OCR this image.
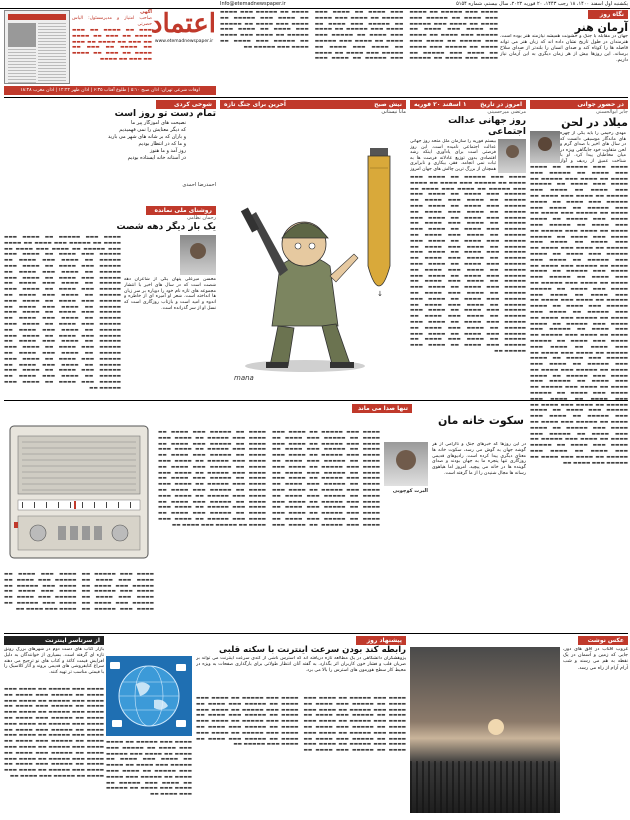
یکشنبه اول اسفند ۱۴۰۰، ۱۸ رجب ۱۴۴۳، ۲۰ فوریه ۲۰۲۲، سال بیستم، شماره ۵۱۵۴
Info@etemadnewspaper.ir
آگهی
صاحب امتیاز و مدیرمسئول: الیاس حضرتی
▬▬▬ ▬▬ ▬▬▬▬ ▬▬ ▬▬▬ ▬▬▬▬ ▬▬ ▬▬▬ ▬▬ ▬▬▬▬ ▬▬ ▬▬▬ ▬▬ ▬▬▬▬ ▬▬ ▬▬▬ ▬▬ ▬▬▬▬ ▬▬ ▬▬▬ ▬▬ ▬▬▬▬ ▬▬ ▬▬▬ ▬▬ ▬▬▬▬ ▬▬ ▬▬▬ ▬▬ ▬▬▬▬
اعتماد
www.etemadnewspaper.ir
اوقات شرعی تهران: اذان صبح ۵:۱۰ | طلوع آفتاب ۶:۳۵ | اذان ظهر ۱۲:۲۲ | اذان مغرب ۱۸:۲۸
نگاه روز
آرمان هنر
جهان در مقابله با جنگ و خشونت همیشه نیازمند هنر بوده است. هنرمندان در طول تاریخ نشان داده اند که زبان هنر می تواند فاصله ها را کوتاه کند و صدای انسان را بلندتر از صدای سلاح برساند. این روزها بیش از هر زمان دیگری به این آرمان نیاز داریم.
▬▬▬▬ ▬▬▬ ▬▬▬▬▬ ▬▬ ▬▬▬▬ ▬▬▬ ▬▬▬▬ ▬▬ ▬▬▬▬▬ ▬▬▬ ▬▬▬▬ ▬▬ ▬▬▬▬ ▬▬▬ ▬▬▬▬▬ ▬▬ ▬▬▬▬ ▬▬▬ ▬▬▬▬ ▬▬ ▬▬▬▬▬ ▬▬▬ ▬▬▬▬ ▬▬ ▬▬▬▬ ▬▬▬ ▬▬▬▬▬ ▬▬ ▬▬▬▬ ▬▬▬ ▬▬▬▬ ▬▬ ▬▬▬▬▬ ▬▬▬ ▬▬▬▬ ▬▬ ▬▬▬▬ ▬▬▬ ▬▬▬▬▬ ▬▬ ▬▬▬▬ ▬▬▬ ▬▬▬▬ ▬▬ ▬▬▬▬▬ ▬▬▬ ▬▬▬▬ ▬▬ ▬▬▬▬ ▬▬▬ ▬▬▬▬▬ ▬▬ ▬▬▬▬ ▬▬▬ ▬▬▬▬ ▬▬ ▬▬▬▬▬ ▬▬▬ ▬▬▬▬ ▬▬ ▬▬▬▬ ▬▬▬ ▬▬▬▬▬ ▬▬ ▬▬▬▬ ▬▬▬ ▬▬▬▬ ▬▬ ▬▬▬▬▬ ▬▬▬ ▬▬▬▬ ▬▬ ▬▬▬▬ ▬▬▬ ▬▬▬▬▬ ▬▬ ▬▬▬▬ ▬▬▬ ▬▬▬▬ ▬▬ ▬▬▬▬▬ ▬▬▬ ▬▬▬▬ ▬▬ ▬▬▬▬ ▬▬▬ ▬▬▬▬▬ ▬▬ ▬▬▬▬ ▬▬▬ ▬▬▬▬ ▬▬ ▬▬▬▬▬ ▬▬▬ ▬▬▬▬ ▬▬ ▬▬▬▬ ▬▬▬ ▬▬▬▬▬ ▬▬ ▬▬▬▬ ▬▬▬ ▬▬▬▬ ▬▬ ▬▬▬▬▬ ▬▬▬ ▬▬▬▬ ▬▬ ▬▬▬▬ ▬▬▬ ▬▬▬▬▬ ▬▬ ▬▬▬▬ ▬▬▬ ▬▬▬▬ ▬▬ ▬▬▬▬▬ ▬▬▬ ▬▬▬▬ ▬▬ ▬▬▬▬ ▬▬▬ ▬▬▬▬▬ ▬▬
در حضور جوانی
جابر ابوالحسنی
میلاد در لحن
مهدی رحیمی را باید یکی از چهره های ماندگار موسیقی دانست که در سال های اخیر با صدای گرم و لحن متفاوت خود جایگاهی ویژه در میان مخاطبان پیدا کرد. او با شناخت عمیق از ردیف و آواز
▬▬▬▬ ▬▬▬ ▬▬▬▬▬ ▬▬ ▬▬▬▬ ▬▬▬ ▬▬▬▬ ▬▬ ▬▬▬▬▬ ▬▬▬ ▬▬▬▬ ▬▬ ▬▬▬▬ ▬▬▬ ▬▬▬▬▬ ▬▬ ▬▬▬▬ ▬▬▬ ▬▬▬▬ ▬▬ ▬▬▬▬▬ ▬▬▬ ▬▬▬▬ ▬▬ ▬▬▬▬ ▬▬▬ ▬▬▬▬▬ ▬▬ ▬▬▬▬ ▬▬▬ ▬▬▬▬ ▬▬ ▬▬▬▬▬ ▬▬▬ ▬▬▬▬ ▬▬ ▬▬▬▬ ▬▬▬ ▬▬▬▬▬ ▬▬ ▬▬▬▬ ▬▬▬ ▬▬▬▬ ▬▬ ▬▬▬▬▬ ▬▬▬ ▬▬▬▬ ▬▬ ▬▬▬▬ ▬▬▬ ▬▬▬▬▬ ▬▬ ▬▬▬▬ ▬▬▬ ▬▬▬▬ ▬▬ ▬▬▬▬▬ ▬▬▬ ▬▬▬▬ ▬▬ ▬▬▬▬ ▬▬▬ ▬▬▬▬▬ ▬▬ ▬▬▬▬ ▬▬▬ ▬▬▬▬ ▬▬ ▬▬▬▬▬ ▬▬▬ ▬▬▬▬ ▬▬ ▬▬▬▬ ▬▬▬ ▬▬▬▬▬ ▬▬ ▬▬▬▬ ▬▬▬ ▬▬▬▬ ▬▬ ▬▬▬▬▬ ▬▬▬ ▬▬▬▬ ▬▬ ▬▬▬▬ ▬▬▬ ▬▬▬▬▬ ▬▬ ▬▬▬▬ ▬▬▬ ▬▬▬▬ ▬▬ ▬▬▬▬▬ ▬▬▬ ▬▬▬▬ ▬▬ ▬▬▬▬ ▬▬▬ ▬▬▬▬▬ ▬▬ ▬▬▬▬ ▬▬▬ ▬▬▬▬ ▬▬ ▬▬▬▬▬ ▬▬▬ ▬▬▬▬ ▬▬ ▬▬▬▬ ▬▬▬ ▬▬▬▬▬ ▬▬ ▬▬▬▬ ▬▬▬ ▬▬▬▬ ▬▬ ▬▬▬▬▬ ▬▬▬ ▬▬▬▬ ▬▬ ▬▬▬▬ ▬▬▬ ▬▬▬▬▬ ▬▬ ▬▬▬▬ ▬▬▬ ▬▬▬▬ ▬▬ ▬▬▬▬▬ ▬▬▬ ▬▬▬▬ ▬▬ ▬▬▬▬ ▬▬▬ ▬▬▬▬▬ ▬▬ ▬▬▬▬ ▬▬▬ ▬▬▬▬ ▬▬ ▬▬▬▬▬ ▬▬▬ ▬▬▬▬ ▬▬ ▬▬▬▬ ▬▬▬ ▬▬▬▬▬ ▬▬ ▬▬▬▬ ▬▬▬ ▬▬▬▬ ▬▬ ▬▬▬▬▬ ▬▬▬ ▬▬▬▬ ▬▬ ▬▬▬▬ ▬▬▬ ▬▬▬▬▬ ▬▬ ▬▬▬▬ ▬▬▬ ▬▬▬▬ ▬▬ ▬▬▬▬▬ ▬▬▬ ▬▬▬▬ ▬▬ ▬▬▬▬ ▬▬▬ ▬▬▬▬▬ ▬▬ ▬▬▬▬ ▬▬▬ ▬▬▬▬ ▬▬ ▬▬▬▬▬ ▬▬▬ ▬▬▬▬ ▬▬ ▬▬▬▬ ▬▬▬ ▬▬▬▬▬ ▬▬ ▬▬▬▬ ▬▬▬ ▬▬▬▬ ▬▬ ▬▬▬▬▬ ▬▬▬ ▬▬▬▬ ▬▬ ▬▬▬▬ ▬▬▬ ▬▬▬▬▬ ▬▬ ▬▬▬▬ ▬▬▬ ▬▬▬▬ ▬▬ ▬▬▬▬▬ ▬▬▬ ▬▬▬▬ ▬▬ ▬▬▬▬ ▬▬▬ ▬▬▬▬▬ ▬▬ ▬▬▬▬ ▬▬▬ ▬▬▬▬ ▬▬ ▬▬▬▬▬ ▬▬▬▬▬ ▬▬ ▬▬▬▬ ▬▬▬ ▬▬▬▬ ▬▬ ▬▬▬▬▬ ▬▬▬ ▬▬▬▬ ▬▬ ▬▬▬▬ ▬▬▬ ▬▬▬▬▬ ▬▬ ▬▬▬▬ ▬▬▬ ▬▬▬▬ ▬▬ ▬▬▬▬▬ ▬▬▬ ▬▬▬▬ ▬▬ ▬▬▬▬ ▬▬▬ ▬▬▬▬▬ ▬▬ ▬▬▬▬ ▬▬▬ ▬▬▬▬ ▬▬ ▬▬▬▬▬ ▬▬▬ ▬▬▬▬ ▬▬ ▬▬▬▬ ▬▬▬ ▬▬▬▬▬ ▬▬ ▬▬▬▬ ▬▬▬ ▬▬▬▬ ▬▬ ▬▬▬▬▬ ▬▬▬ ▬▬▬▬ ▬▬ ▬▬▬▬ ▬▬▬ ▬▬▬▬▬ ▬▬ ▬▬▬▬ ▬▬▬ ▬▬▬▬ ▬▬ ▬▬▬▬▬ ▬▬▬ ▬▬▬▬ ▬▬
امروز در تاریخ
۱ اسفند ۲۰ فوریه
مرتضی میرحسینی
روز جهانی عدالت اجتماعی
بیستم فوریه را سازمان ملل متحد روز جهانی عدالت اجتماعی نامیده است. این روز فرصتی است برای یادآوری اینکه رشد اقتصادی بدون توزیع عادلانه فرصت ها به ثبات نمی انجامد. فقر، بیکاری و نابرابری همچنان از بزرگ ترین چالش های جهان امروز
▬▬▬▬ ▬▬▬ ▬▬▬▬▬ ▬▬ ▬▬▬▬ ▬▬▬ ▬▬▬▬ ▬▬ ▬▬▬▬▬ ▬▬▬ ▬▬▬▬ ▬▬ ▬▬▬▬ ▬▬▬ ▬▬▬▬▬ ▬▬ ▬▬▬▬ ▬▬▬ ▬▬▬▬ ▬▬ ▬▬▬▬▬ ▬▬▬ ▬▬▬▬ ▬▬ ▬▬▬▬ ▬▬▬ ▬▬▬▬▬ ▬▬ ▬▬▬▬ ▬▬▬ ▬▬▬▬ ▬▬ ▬▬▬▬▬ ▬▬▬ ▬▬▬▬ ▬▬ ▬▬▬▬ ▬▬▬ ▬▬▬▬▬ ▬▬ ▬▬▬▬ ▬▬▬ ▬▬▬▬ ▬▬ ▬▬▬▬▬ ▬▬▬ ▬▬▬▬ ▬▬ ▬▬▬▬ ▬▬▬ ▬▬▬▬▬ ▬▬ ▬▬▬▬ ▬▬▬ ▬▬▬▬ ▬▬ ▬▬▬▬▬ ▬▬▬ ▬▬▬▬ ▬▬ ▬▬▬▬ ▬▬▬ ▬▬▬▬▬ ▬▬ ▬▬▬▬ ▬▬▬ ▬▬▬▬ ▬▬ ▬▬▬▬▬ ▬▬▬ ▬▬▬▬ ▬▬ ▬▬▬▬ ▬▬▬ ▬▬▬▬▬ ▬▬ ▬▬▬▬ ▬▬▬ ▬▬▬▬ ▬▬ ▬▬▬▬▬ ▬▬▬ ▬▬▬▬ ▬▬ ▬▬▬▬ ▬▬▬ ▬▬▬▬▬ ▬▬ ▬▬▬▬ ▬▬▬ ▬▬▬▬ ▬▬ ▬▬▬▬▬ ▬▬▬ ▬▬▬▬ ▬▬ ▬▬▬▬ ▬▬▬ ▬▬▬▬▬ ▬▬ ▬▬▬▬ ▬▬▬ ▬▬▬▬ ▬▬ ▬▬▬▬▬ ▬▬▬ ▬▬▬▬ ▬▬ ▬▬▬▬ ▬▬▬ ▬▬▬▬▬ ▬▬ ▬▬▬▬ ▬▬▬ ▬▬▬▬ ▬▬ ▬▬▬▬▬ ▬▬▬ ▬▬▬▬ ▬▬ ▬▬▬▬ ▬▬▬ ▬▬▬▬▬ ▬▬ ▬▬▬▬ ▬▬▬ ▬▬▬▬ ▬▬ ▬▬▬▬▬ ▬▬▬ ▬▬▬▬ ▬▬ ▬▬▬▬ ▬▬▬ ▬▬▬▬▬ ▬▬ ▬▬▬▬ ▬▬▬ ▬▬▬▬ ▬▬ ▬▬▬▬▬ ▬▬▬ ▬▬▬▬ ▬▬ ▬▬▬▬ ▬▬▬ ▬▬▬▬▬ ▬▬ ▬▬▬▬ ▬▬▬ ▬▬▬▬ ▬▬ ▬▬▬▬▬ ▬▬▬ ▬▬▬▬ ▬▬ ▬▬▬▬ ▬▬▬ ▬▬▬▬▬ ▬▬ ▬▬▬▬ ▬▬▬ ▬▬▬▬ ▬▬ ▬▬▬▬▬ ▬▬▬ ▬▬▬▬ ▬▬ ▬▬▬▬ ▬▬▬ ▬▬▬▬▬ ▬▬ ▬▬▬▬ ▬▬▬ ▬▬▬▬ ▬▬ ▬▬▬▬▬ ▬▬▬ ▬▬▬▬ ▬▬ ▬▬▬▬ ▬▬▬ ▬▬▬▬▬ ▬▬
نیش صبح
آخرین برای جنگ تازه
مانا نیستانی
↓
mana
شوخی کردی
تمام دست تو روز است
نصیحت های آموزگار پیر ما
که دیگر معنایش را نمی فهمیدیم
و باران که بر شانه های شهر می بارید
و ما که در انتظار بودیم
روز آمد و ما هنوز
در آستانه خانه ایستاده بودیم
احمدرضا احمدی
روشنای ملی نمانده
رحمان نظامی
یک بار دیگر دهه شصت
▬▬▬▬ ▬▬▬ ▬▬▬▬▬ ▬▬ ▬▬▬▬ ▬▬▬ ▬▬▬▬ ▬▬ ▬▬▬▬▬ ▬▬▬ ▬▬▬▬ ▬▬ ▬▬▬▬ ▬▬▬ ▬▬▬▬▬ ▬▬ ▬▬▬▬ ▬▬▬ ▬▬▬▬ ▬▬ ▬▬▬▬▬ ▬▬▬ ▬▬▬▬ ▬▬ ▬▬▬▬ ▬▬▬ ▬▬▬▬▬ ▬▬ ▬▬▬▬ ▬▬▬ ▬▬▬▬ ▬▬ ▬▬▬▬▬ ▬▬▬ ▬▬▬▬ ▬▬ ▬▬▬▬ ▬▬▬ ▬▬▬▬▬ ▬▬ ▬▬▬▬ ▬▬▬ ▬▬▬▬ ▬▬ ▬▬▬▬▬ ▬▬▬ ▬▬▬▬ ▬▬ ▬▬▬▬ ▬▬▬ ▬▬▬▬▬ ▬▬ ▬▬▬▬ ▬▬▬ ▬▬▬▬ ▬▬ ▬▬▬▬▬ ▬▬▬ ▬▬▬▬ ▬▬ ▬▬▬▬ ▬▬▬ ▬▬▬▬▬ ▬▬ ▬▬▬▬ ▬▬▬ ▬▬▬▬ ▬▬ ▬▬▬▬▬ ▬▬▬ ▬▬▬▬ ▬▬ ▬▬▬▬ ▬▬▬ ▬▬▬▬▬ ▬▬ ▬▬▬▬ ▬▬▬ ▬▬▬▬ ▬▬ ▬▬▬▬▬ ▬▬▬ ▬▬▬▬ ▬▬ ▬▬▬▬ ▬▬▬ ▬▬▬▬▬ ▬▬ ▬▬▬▬ ▬▬▬ ▬▬▬▬ ▬▬ ▬▬▬▬▬ ▬▬▬ ▬▬▬▬ ▬▬ ▬▬▬▬ ▬▬▬ ▬▬▬▬▬ ▬▬ ▬▬▬▬ ▬▬▬ ▬▬▬▬ ▬▬ ▬▬▬▬▬ ▬▬▬ ▬▬▬▬ ▬▬ ▬▬▬▬ ▬▬▬ ▬▬▬▬▬ ▬▬ ▬▬▬▬ ▬▬▬ ▬▬▬▬ ▬▬ ▬▬▬▬▬ ▬▬▬ ▬▬▬▬ ▬▬ ▬▬▬▬ ▬▬▬ ▬▬▬▬▬ ▬▬ ▬▬▬▬ ▬▬▬ ▬▬▬▬ ▬▬ ▬▬▬▬▬ ▬▬▬ ▬▬▬▬ ▬▬ ▬▬▬▬ ▬▬▬ ▬▬▬▬▬ ▬▬ ▬▬▬▬ ▬▬▬ ▬▬▬▬ ▬▬ ▬▬▬▬▬ ▬▬▬ ▬▬▬▬ ▬▬ ▬▬▬▬ ▬▬▬ ▬▬▬▬▬ ▬▬ ▬▬▬▬ ▬▬▬ ▬▬▬▬ ▬▬ ▬▬▬▬▬ ▬▬▬ ▬▬▬▬ ▬▬ ▬▬▬▬ ▬▬▬ ▬▬▬▬▬ ▬▬
محسن میرعلی پنهان یکی از شاعران دهه شصت است که در سال های اخیر با انتشار مجموعه های تازه نام خود را دوباره بر سر زبان ها انداخته است. شعر او آمیزه ای از خاطره و اندوه و امید است و بازتاب روزگاری است که نسل او از سر گذرانده است.
تنها صدا می ماند
سکوت خانه مان
البرت کوچویی
در این روزها که خبرهای جنگ و ناآرامی از هر گوشه جهان به گوش می رسد، سکوت خانه ها معنای دیگری پیدا کرده است. رادیوهای قدیمی روزگاری تنها پنجره ما به جهان بودند و صدای گوینده ها در خانه می پیچید. امروز اما هیاهوی رسانه ها مجال شنیدن را از ما گرفته است.
▬▬▬▬ ▬▬▬ ▬▬▬▬▬ ▬▬ ▬▬▬▬ ▬▬▬ ▬▬▬▬ ▬▬ ▬▬▬▬▬ ▬▬▬ ▬▬▬▬ ▬▬ ▬▬▬▬ ▬▬▬ ▬▬▬▬▬ ▬▬ ▬▬▬▬ ▬▬▬ ▬▬▬▬ ▬▬ ▬▬▬▬▬ ▬▬▬ ▬▬▬▬ ▬▬ ▬▬▬▬ ▬▬▬ ▬▬▬▬▬ ▬▬ ▬▬▬▬ ▬▬▬ ▬▬▬▬ ▬▬ ▬▬▬▬▬ ▬▬▬ ▬▬▬▬ ▬▬ ▬▬▬▬ ▬▬▬ ▬▬▬▬▬ ▬▬ ▬▬▬▬ ▬▬▬ ▬▬▬▬ ▬▬ ▬▬▬▬▬ ▬▬▬ ▬▬▬▬ ▬▬ ▬▬▬▬ ▬▬▬ ▬▬▬▬▬ ▬▬ ▬▬▬▬ ▬▬▬ ▬▬▬▬ ▬▬ ▬▬▬▬▬ ▬▬▬ ▬▬▬▬ ▬▬ ▬▬▬▬ ▬▬▬ ▬▬▬▬▬ ▬▬ ▬▬▬▬ ▬▬▬ ▬▬▬▬ ▬▬ ▬▬▬▬▬ ▬▬▬ ▬▬▬▬ ▬▬ ▬▬▬▬ ▬▬▬ ▬▬▬▬▬ ▬▬ ▬▬▬▬ ▬▬▬ ▬▬▬▬ ▬▬ ▬▬▬▬▬ ▬▬▬ ▬▬▬▬ ▬▬ ▬▬▬▬ ▬▬▬ ▬▬▬▬▬ ▬▬ ▬▬▬▬ ▬▬▬ ▬▬▬▬ ▬▬ ▬▬▬▬▬ ▬▬▬ ▬▬▬▬ ▬▬ ▬▬▬▬ ▬▬▬ ▬▬▬▬▬ ▬▬ ▬▬▬▬ ▬▬▬ ▬▬▬▬ ▬▬ ▬▬▬▬▬ ▬▬▬ ▬▬▬▬ ▬▬ ▬▬▬▬ ▬▬▬ ▬▬▬▬▬ ▬▬ ▬▬▬▬ ▬▬▬ ▬▬▬▬ ▬▬ ▬▬▬▬▬ ▬▬▬ ▬▬▬▬ ▬▬ ▬▬▬▬ ▬▬▬ ▬▬▬▬▬ ▬▬ ▬▬▬▬ ▬▬▬ ▬▬▬▬ ▬▬ ▬▬▬▬▬ ▬▬▬ ▬▬▬▬ ▬▬ ▬▬▬▬ ▬▬▬ ▬▬▬▬▬ ▬▬ ▬▬▬▬ ▬▬▬ ▬▬▬▬ ▬▬ ▬▬▬▬▬ ▬▬▬ ▬▬▬▬ ▬▬ ▬▬▬▬ ▬▬▬ ▬▬▬▬▬ ▬▬ ▬▬▬▬ ▬▬▬ ▬▬▬▬ ▬▬ ▬▬▬▬▬ ▬▬▬ ▬▬▬▬ ▬▬ ▬▬▬▬ ▬▬▬ ▬▬▬▬▬ ▬▬ ▬▬▬▬ ▬▬▬ ▬▬▬▬ ▬▬ ▬▬▬▬▬ ▬▬▬ ▬▬▬▬ ▬▬ ▬▬▬▬ ▬▬▬ ▬▬▬▬▬ ▬▬ ▬▬▬▬ ▬▬▬ ▬▬▬▬ ▬▬ ▬▬▬▬▬ ▬▬▬ ▬▬▬▬ ▬▬ ▬▬▬▬ ▬▬▬ ▬▬▬▬▬ ▬▬ ▬▬▬▬ ▬▬▬ ▬▬▬▬ ▬▬ ▬▬▬▬▬ ▬▬▬ ▬▬▬▬ ▬▬ ▬▬▬▬ ▬▬▬ ▬▬▬▬▬ ▬▬ ▬▬▬▬ ▬▬▬ ▬▬▬▬ ▬▬ ▬▬▬▬▬ ▬▬▬ ▬▬▬▬ ▬▬
▬▬▬▬ ▬▬▬ ▬▬▬▬▬ ▬▬ ▬▬▬▬ ▬▬▬ ▬▬▬▬ ▬▬ ▬▬▬▬▬ ▬▬▬ ▬▬▬▬ ▬▬ ▬▬▬▬ ▬▬▬ ▬▬▬▬▬ ▬▬ ▬▬▬▬ ▬▬▬ ▬▬▬▬ ▬▬ ▬▬▬▬▬ ▬▬▬ ▬▬▬▬ ▬▬ ▬▬▬▬ ▬▬▬ ▬▬▬▬▬ ▬▬ ▬▬▬▬ ▬▬▬ ▬▬▬▬ ▬▬ ▬▬▬▬▬ ▬▬▬ ▬▬▬▬ ▬▬ ▬▬▬▬ ▬▬▬ ▬▬▬▬▬ ▬▬ ▬▬▬▬ ▬▬▬ ▬▬▬▬ ▬▬ ▬▬▬▬▬ ▬▬▬ ▬▬▬▬ ▬▬ ▬▬▬▬ ▬▬▬ ▬▬▬▬▬ ▬▬ ▬▬▬▬ ▬▬▬ ▬▬▬▬ ▬▬
عکس نوشت
غروب آفتاب در افق های دور، جایی که زمین و آسمان در یک نقطه به هم می رسند و شب آرام آرام از راه می رسد.
پیشنهاد روز
رابطه کند بودن سرعت اینترنت با سکته قلبی
پژوهشگران دانشگاهی در یک مطالعه تازه دریافته اند که استرس ناشی از کندی سرعت اینترنت می تواند بر ضربان قلب و فشار خون کاربران اثر بگذارد. به گفته آنان انتظار طولانی برای بارگذاری صفحات به ویژه در محیط کار سطح هورمون های استرس را بالا می برد.
▬▬▬▬ ▬▬▬ ▬▬▬▬▬ ▬▬ ▬▬▬▬ ▬▬▬ ▬▬▬▬ ▬▬ ▬▬▬▬▬ ▬▬▬ ▬▬▬▬ ▬▬ ▬▬▬▬ ▬▬▬ ▬▬▬▬▬ ▬▬ ▬▬▬▬ ▬▬▬ ▬▬▬▬ ▬▬ ▬▬▬▬▬ ▬▬▬ ▬▬▬▬ ▬▬ ▬▬▬▬ ▬▬▬ ▬▬▬▬▬ ▬▬ ▬▬▬▬ ▬▬▬ ▬▬▬▬ ▬▬ ▬▬▬▬▬ ▬▬▬ ▬▬▬▬ ▬▬ ▬▬▬▬ ▬▬▬ ▬▬▬▬▬ ▬▬ ▬▬▬▬ ▬▬▬ ▬▬▬▬ ▬▬ ▬▬▬▬▬ ▬▬▬ ▬▬▬▬ ▬▬ ▬▬▬▬ ▬▬▬ ▬▬▬▬▬ ▬▬ ▬▬▬▬ ▬▬▬ ▬▬▬▬ ▬▬ ▬▬▬▬▬ ▬▬▬ ▬▬▬▬ ▬▬ ▬▬▬▬ ▬▬▬ ▬▬▬▬▬ ▬▬ ▬▬▬▬ ▬▬▬ ▬▬▬▬ ▬▬ ▬▬▬▬▬ ▬▬▬ ▬▬▬▬ ▬▬ ▬▬▬▬ ▬▬▬ ▬▬▬▬▬ ▬▬ ▬▬▬▬ ▬▬▬ ▬▬▬▬ ▬▬ ▬▬▬▬▬ ▬▬▬ ▬▬▬▬ ▬▬ ▬▬▬▬ ▬▬▬ ▬▬▬▬▬ ▬▬ ▬▬▬▬ ▬▬▬ ▬▬▬▬ ▬▬ ▬▬▬▬▬ ▬▬▬ ▬▬▬▬ ▬▬ ▬▬▬▬ ▬▬▬ ▬▬▬▬▬ ▬▬ ▬▬▬▬ ▬▬▬ ▬▬▬▬ ▬▬ ▬▬▬▬▬ ▬▬▬ ▬▬▬▬ ▬▬ ▬▬▬▬ ▬▬▬ ▬▬▬▬▬ ▬▬
از سرتاسر اینترنت
بازار کتاب های دست دوم در شهرهای بزرگ رونق تازه ای گرفته است. بسیاری از خوانندگان به دلیل افزایش قیمت کاغذ و کتاب های نو ترجیح می دهند سراغ کتابفروشی های قدیمی بروند و آثار کلاسیک را با قیمتی مناسب تر تهیه کنند.
▬▬▬▬ ▬▬▬ ▬▬▬▬▬ ▬▬ ▬▬▬▬ ▬▬▬ ▬▬▬▬ ▬▬ ▬▬▬▬▬ ▬▬▬ ▬▬▬▬ ▬▬ ▬▬▬▬ ▬▬▬ ▬▬▬▬▬ ▬▬ ▬▬▬▬ ▬▬▬ ▬▬▬▬ ▬▬ ▬▬▬▬▬ ▬▬▬ ▬▬▬▬ ▬▬ ▬▬▬▬ ▬▬▬ ▬▬▬▬▬ ▬▬ ▬▬▬▬ ▬▬▬ ▬▬▬▬ ▬▬ ▬▬▬▬▬ ▬▬▬ ▬▬▬▬ ▬▬ ▬▬▬▬ ▬▬▬ ▬▬▬▬▬ ▬▬ ▬▬▬▬ ▬▬▬ ▬▬▬▬ ▬▬ ▬▬▬▬▬ ▬▬▬ ▬▬▬▬ ▬▬ ▬▬▬▬ ▬▬▬ ▬▬▬▬▬ ▬▬ ▬▬▬▬ ▬▬▬ ▬▬▬▬ ▬▬ ▬▬▬▬▬ ▬▬▬ ▬▬▬▬ ▬▬ ▬▬▬▬ ▬▬▬ ▬▬▬▬▬ ▬▬ ▬▬▬▬ ▬▬▬ ▬▬▬▬ ▬▬ ▬▬▬▬▬ ▬▬▬ ▬▬▬▬ ▬▬ ▬▬▬▬ ▬▬▬ ▬▬▬▬▬ ▬▬ ▬▬▬▬ ▬▬▬ ▬▬▬▬ ▬▬ ▬▬▬▬▬ ▬▬▬ ▬▬▬▬ ▬▬ ▬▬▬▬ ▬▬▬ ▬▬▬▬▬ ▬▬ ▬▬▬▬ ▬▬▬ ▬▬▬▬ ▬▬ ▬▬▬▬▬ ▬▬▬ ▬▬▬▬ ▬▬
▬▬▬▬ ▬▬▬ ▬▬▬▬▬ ▬▬ ▬▬▬▬ ▬▬▬ ▬▬▬▬ ▬▬ ▬▬▬▬▬ ▬▬▬ ▬▬▬▬ ▬▬ ▬▬▬▬ ▬▬▬ ▬▬▬▬▬ ▬▬ ▬▬▬▬ ▬▬▬ ▬▬▬▬ ▬▬ ▬▬▬▬▬ ▬▬▬ ▬▬▬▬ ▬▬ ▬▬▬▬ ▬▬▬ ▬▬▬▬▬ ▬▬ ▬▬▬▬ ▬▬▬ ▬▬▬▬ ▬▬ ▬▬▬▬▬ ▬▬▬ ▬▬▬▬ ▬▬ ▬▬▬▬ ▬▬▬ ▬▬▬▬▬ ▬▬ ▬▬▬▬ ▬▬▬ ▬▬▬▬ ▬▬ ▬▬▬▬▬ ▬▬▬ ▬▬▬▬ ▬▬
